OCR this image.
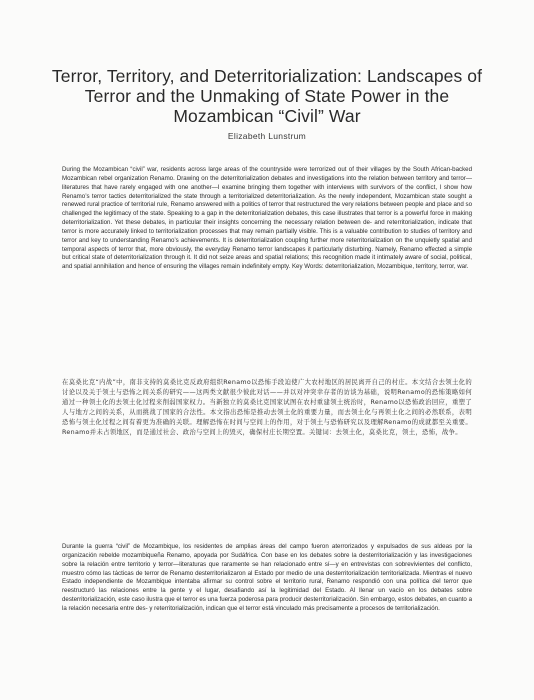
Terror, Territory, and Deterritorialization: Landscapes of Terror and the Unmaking of State Power in the Mozambican “Civil” War
Elizabeth Lunstrum
During the Mozambican “civil” war, residents across large areas of the countryside were terrorized out of their villages by the South African-backed Mozambican rebel organization Renamo. Drawing on the deterritorialization debates and investigations into the relation between territory and terror—literatures that have rarely engaged with one another—I examine bringing them together with interviews with survivors of the conflict, I show how Renamo’s terror tactics deterritorialized the state through a territorialized deterritorialization. As the newly independent, Mozambican state sought a renewed rural practice of territorial rule, Renamo answered with a politics of terror that restructured the very relations between people and place and so challenged the legitimacy of the state. Speaking to a gap in the deterritorialization debates, this case illustrates that terror is a powerful force in making deterritorialization. Yet these debates, in particular their insights concerning the necessary relation between de- and reterritorialization, indicate that terror is more accurately linked to territorialization processes that may remain partially visible. This is a valuable contribution to studies of territory and terror and key to understanding Renamo’s achievements. It is deterritorialization coupling further more reterritorialization on the unquietly spatial and temporal aspects of terror that, more obviously, the everyday Renamo terror landscapes it particularly disturbing. Namely, Renamo effected a simple but critical state of deterritorialization through it. It did not seize areas and spatial relations; this recognition made it intimately aware of social, political, and spatial annihilation and hence of ensuring the villages remain indefinitely empty. Key Words: deterritorialization, Mozambique, territory, terror, war.
在莫桑比克“内战”中，南非支持的莫桑比克反政府组织Renamo以恐怖手段迫使广大农村地区的居民离开自己的村庄。本文结合去领土化的讨论以及关于领土与恐怖之间关系的研究——这两类文献很少彼此对话——并以对冲突幸存者的访谈为基础，说明Renamo的恐怖策略如何通过一种领土化的去领土化过程来削弱国家权力。当新独立的莫桑比克国家试图在农村重建领土统治时，Renamo以恐怖政治回应，重塑了人与地方之间的关系，从而挑战了国家的合法性。本文指出恐怖是推动去领土化的重要力量，而去领土化与再领土化之间的必然联系，表明恐怖与领土化过程之间有着更为准确的关联。理解恐怖在时间与空间上的作用，对于领土与恐怖研究以及理解Renamo的成就都至关重要。Renamo并未占领地区，而是通过社会、政治与空间上的毁灭，确保村庄长期空置。关键词：去领土化，莫桑比克，领土，恐怖，战争。
Durante la guerra “civil” de Mozambique, los residentes de amplias áreas del campo fueron aterrorizados y expulsados de sus aldeas por la organización rebelde mozambiqueña Renamo, apoyada por Sudáfrica. Con base en los debates sobre la desterritorialización y las investigaciones sobre la relación entre territorio y terror—literaturas que raramente se han relacionado entre sí—y en entrevistas con sobrevivientes del conflicto, muestro cómo las tácticas de terror de Renamo desterritorializaron al Estado por medio de una desterritorialización territorializada. Mientras el nuevo Estado independiente de Mozambique intentaba afirmar su control sobre el territorio rural, Renamo respondió con una política del terror que reestructuró las relaciones entre la gente y el lugar, desafiando así la legitimidad del Estado. Al llenar un vacío en los debates sobre desterritorialización, este caso ilustra que el terror es una fuerza poderosa para producir desterritorialización. Sin embargo, estos debates, en cuanto a la relación necesaria entre des- y reterritorialización, indican que el terror está vinculado más precisamente a procesos de territorialización.
